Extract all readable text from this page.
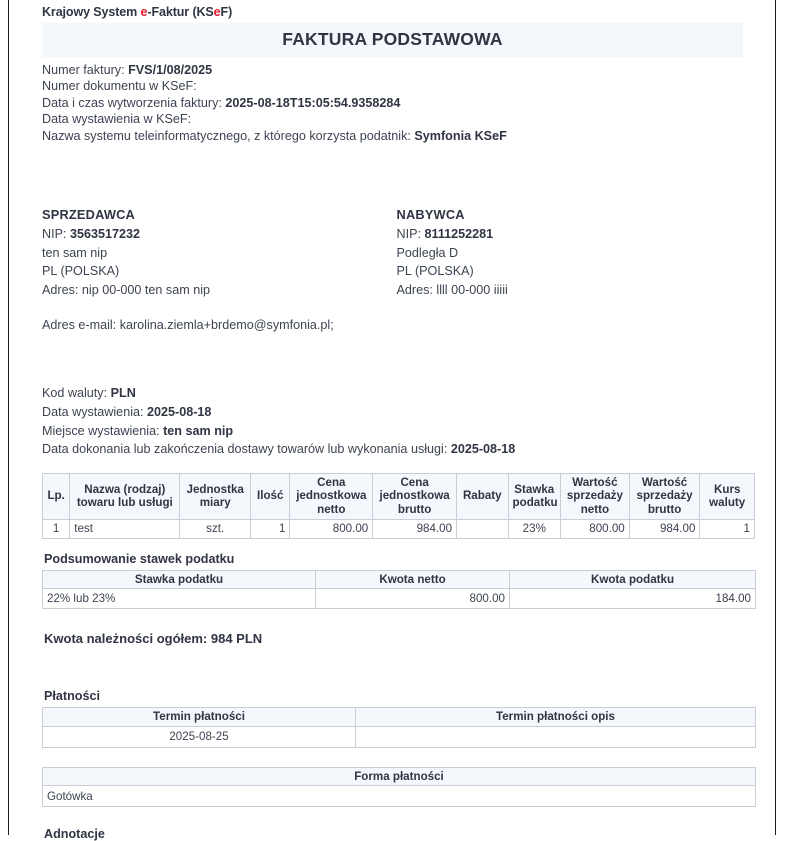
Krajowy System e-Faktur (KSeF)
FAKTURA PODSTAWOWA
Numer faktury: FVS/1/08/2025
Numer dokumentu w KSeF:
Data i czas wytworzenia faktury: 2025-08-18T15:05:54.9358284
Data wystawienia w KSeF:
Nazwa systemu teleinformatycznego, z którego korzysta podatnik: Symfonia KSeF
SPRZEDAWCA
NIP: 3563517232
ten sam nip
PL (POLSKA)
Adres: nip 00-000 ten sam nip
NABYWCA
NIP: 8111252281
Podległa D
PL (POLSKA)
Adres: llll 00-000 iiiii
Adres e-mail: karolina.ziemla+brdemo@symfonia.pl;
Kod waluty: PLN
Data wystawienia: 2025-08-18
Miejsce wystawienia: ten sam nip
Data dokonania lub zakończenia dostawy towarów lub wykonania usługi: 2025-08-18
Lp.	Nazwa (rodzaj) towaru lub usługi	Jednostka miary	Ilość	Cena jednostkowa netto	Cena jednostkowa brutto	Rabaty	Stawka podatku	Wartość sprzedaży netto	Wartość sprzedaży brutto	Kurs waluty
1	test	szt.	1	800.00	984.00		23%	800.00	984.00	1
Podsumowanie stawek podatku
Stawka podatku	Kwota netto	Kwota podatku
22% lub 23%	800.00	184.00
Kwota należności ogółem: 984 PLN
Płatności
Termin płatności	Termin płatności opis
2025-08-25	
Forma płatności
Gotówka
Adnotacje
